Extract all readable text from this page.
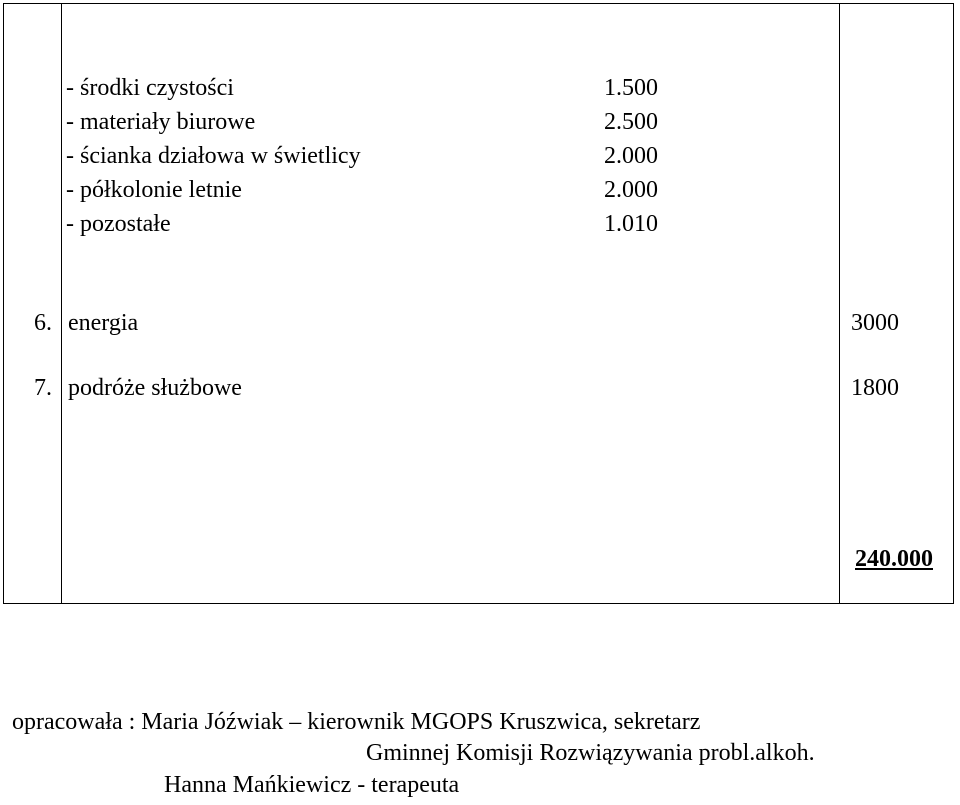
- środki czystości	1.500
- materiały biurowe	2.500
- ścianka działowa w świetlicy	2.000
- półkolonie letnie	2.000
- pozostałe	1.010
6. energia	3000
7. podróże służbowe	1800
240.000
opracowała : Maria Jóźwiak – kierownik MGOPS Kruszwica, sekretarz
Gminnej Komisji Rozwiązywania probl.alkoh.
Hanna Mańkiewicz - terapeuta
